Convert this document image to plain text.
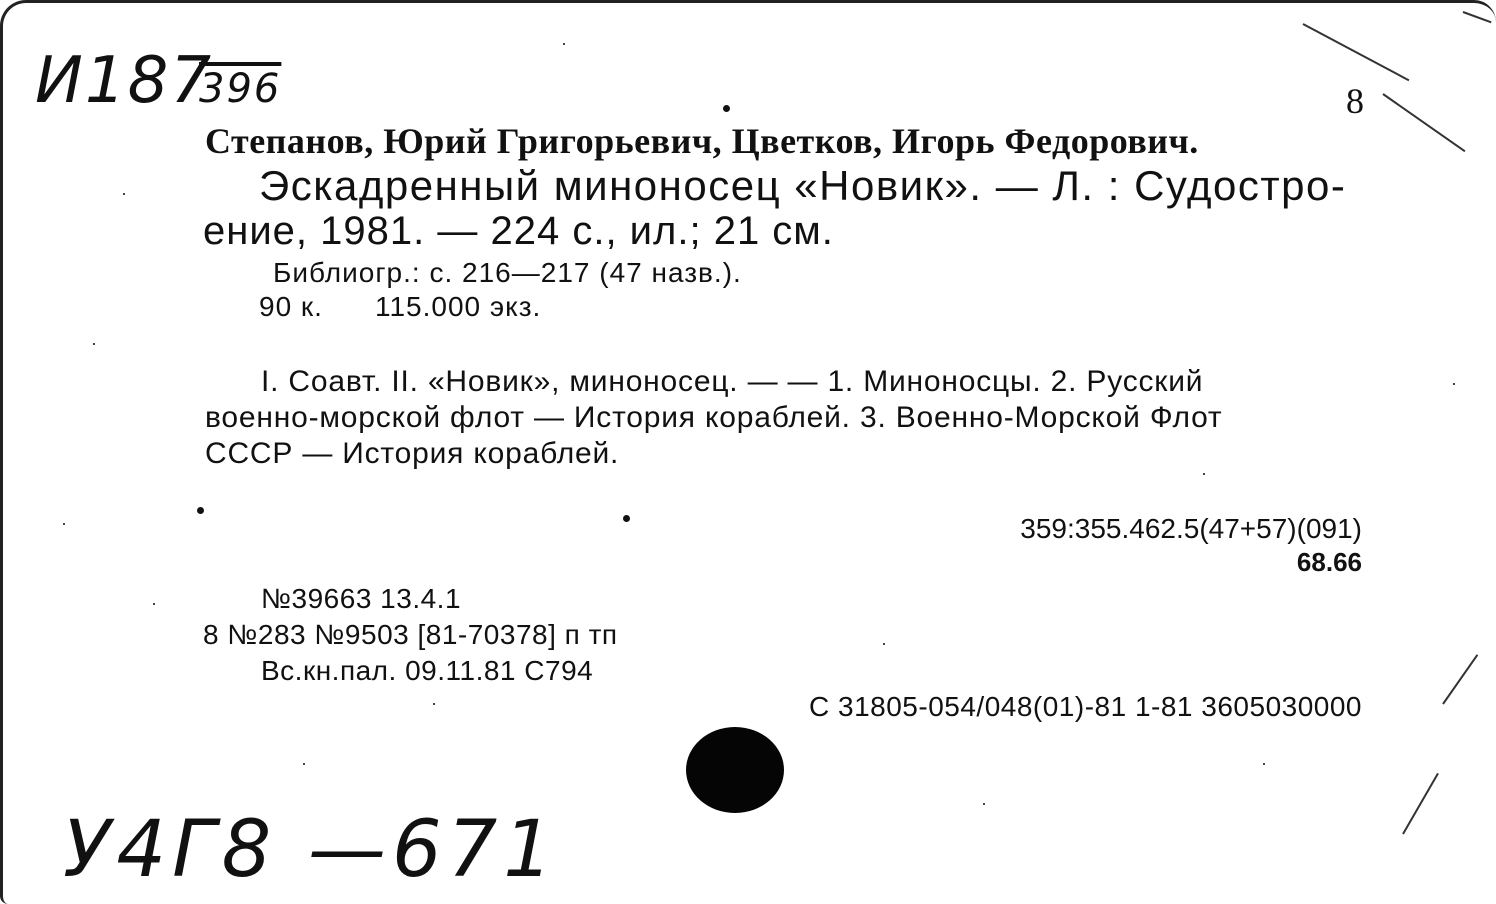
И187
396	8
Степанов, Юрий Григорьевич, Цветков, Игорь Федорович.
Эскадренный миноносец «Новик». — Л. : Судостро-
ение, 1981. — 224 с., ил.; 21 см.
Библиогр.: с. 216—217 (47 назв.).
90 к. 115.000 экз.
I. Соавт. II. «Новик», миноносец. — — 1. Миноносцы. 2. Русский
военно-морской флот — История кораблей. 3. Военно-Морской Флот
СССР — История кораблей.
359:355.462.5(47+57)(091)
68.66
№39663 13.4.1
8 №283 №9503 [81-70378] п тп
Вс.кн.пал. 09.11.81 С794
С 31805-054/048(01)-81 1-81 3605030000
У4Г8 —671
